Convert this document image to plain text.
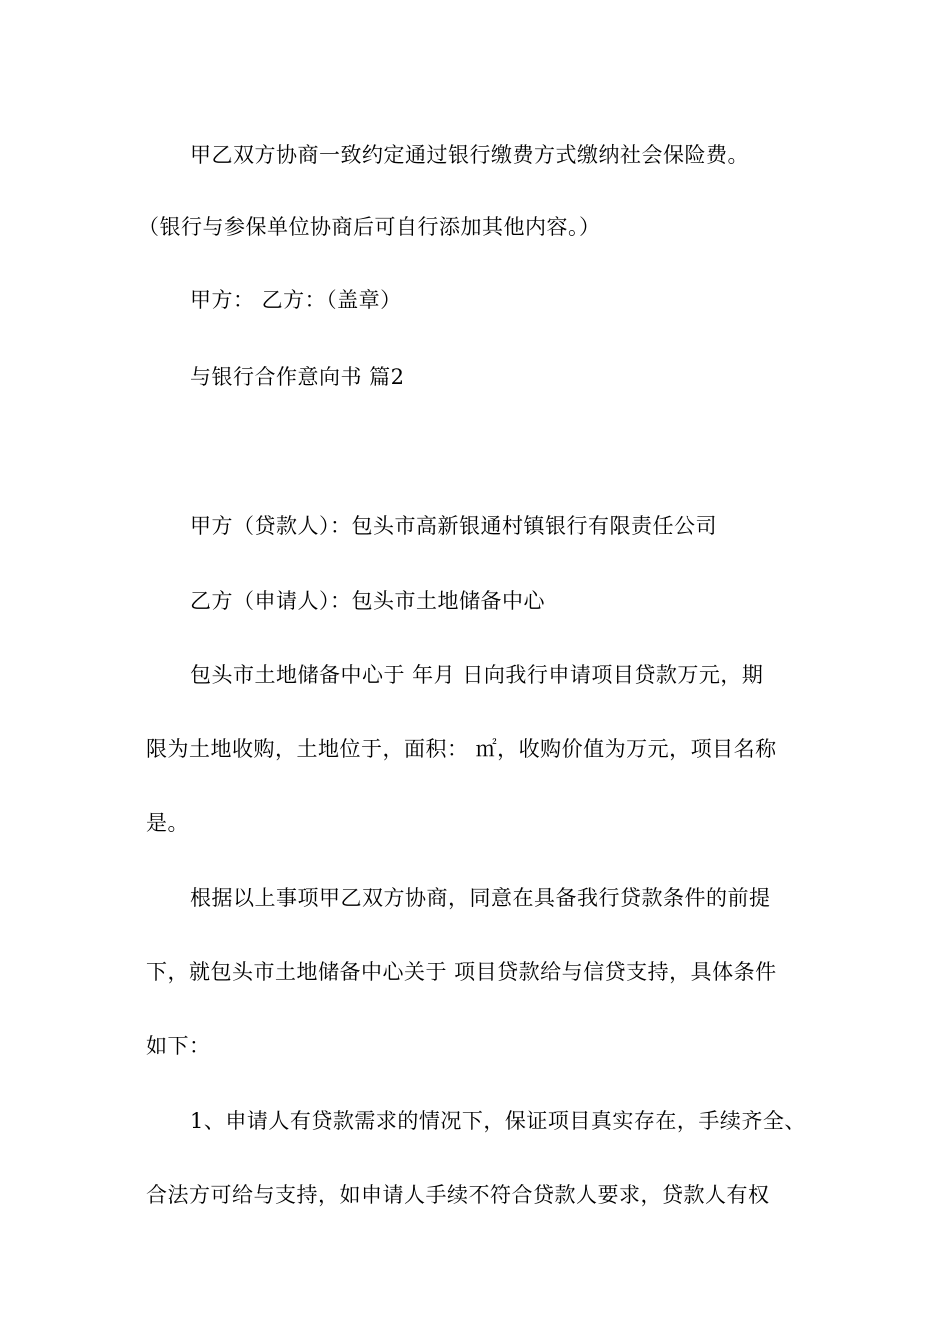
甲乙双方协商一致约定通过银行缴费方式缴纳社会保险费。
（银行与参保单位协商后可自行添加其他内容。）
甲方： 乙方：（盖章）
与银行合作意向书 篇2
甲方（贷款人）：包头市高新银通村镇银行有限责任公司
乙方（申请人）：包头市土地储备中心
包头市土地储备中心于 年月 日向我行申请项目贷款万元，期
限为土地收购，土地位于，面积： ㎡，收购价值为万元，项目名称
是。
根据以上事项甲乙双方协商，同意在具备我行贷款条件的前提
下，就包头市土地储备中心关于 项目贷款给与信贷支持，具体条件
如下：
1、申请人有贷款需求的情况下，保证项目真实存在，手续齐全、
合法方可给与支持，如申请人手续不符合贷款人要求，贷款人有权
